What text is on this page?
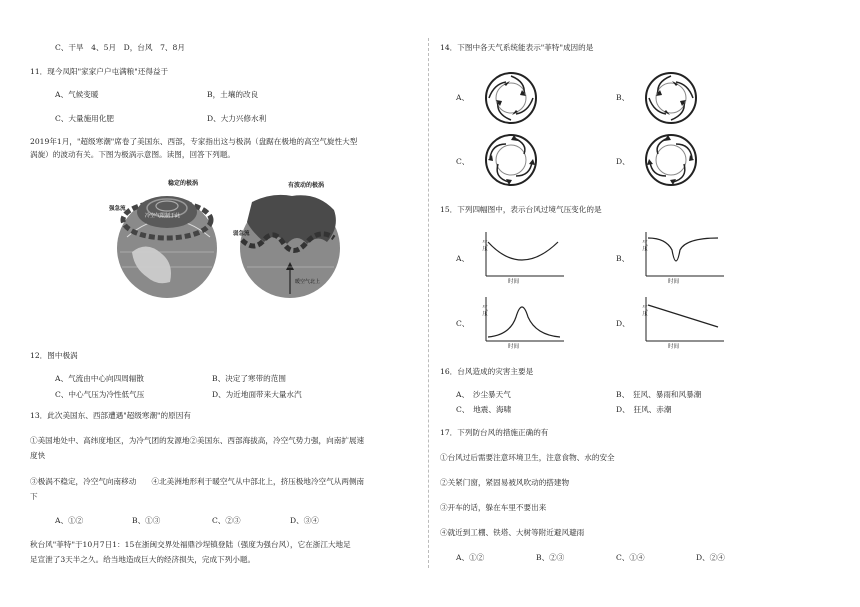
C、干旱　4、5月　D，台风　7、8月
11．现今凤阳"家家户户屯满粮"还得益于
A、气候变暖	B，土壤的改良
C、大量施用化肥	D、大力兴修水利
2019年1月，"超级寒潮"席卷了美国东、西部，专家指出这与极涡（盘踞在极地的高空气旋性大型
涡旋）的波动有关。下图为极涡示意图。读图，回答下列题。
稳定的极涡	有波动的极涡
强急流
弱急流
冷空气限制于此
暖空气北上
12．图中极涡
A、气流由中心向四周辐散	B、决定了寒带的范围
C、中心气压为冷性低气压	D、为近地面带来大量水汽
13．此次美国东、西部遭遇"超级寒潮"的原因有
①美国地处中、高纬度地区，为冷气团的发源地②美国东、西部海拔高，冷空气势力强，向南扩展速
度快
③极涡不稳定，冷空气向南移动　　④北美洲地形利于暖空气从中部北上，挤压极地冷空气从两侧南
下
A、①②	B、①③	C、②③	D、③④
秋台风"菲特"于10月7日1：15在浙闽交界处福鼎沙埕镇登陆（强度为强台风），它在浙江大地足
足宣泄了3天半之久。给当地造成巨大的经济损失，完成下列小题。
14．下图中各天气系统能表示"菲特"成因的是
A、
C、
B、
D、
15．下列四幅图中，表示台风过境气压变化的是
A、	B、
C、	D、
气压
时间
气压
时间
气压
时间
气压
时间
16．台风造成的灾害主要是
A、　沙尘暴天气	B、　狂风、暴雨和风暴潮
C、　地震、海啸	D、　狂风、赤潮
17．下列防台风的措施正确的有
①台风过后需要注意环境卫生，注意食物、水的安全
②关紧门窗，紧固易被风吹动的搭建物
③开车的话，躲在车里不要出来
④就近到工棚、铁塔、大树等附近避风避雨
A、①②	B、②③	C、①④	D、②④
